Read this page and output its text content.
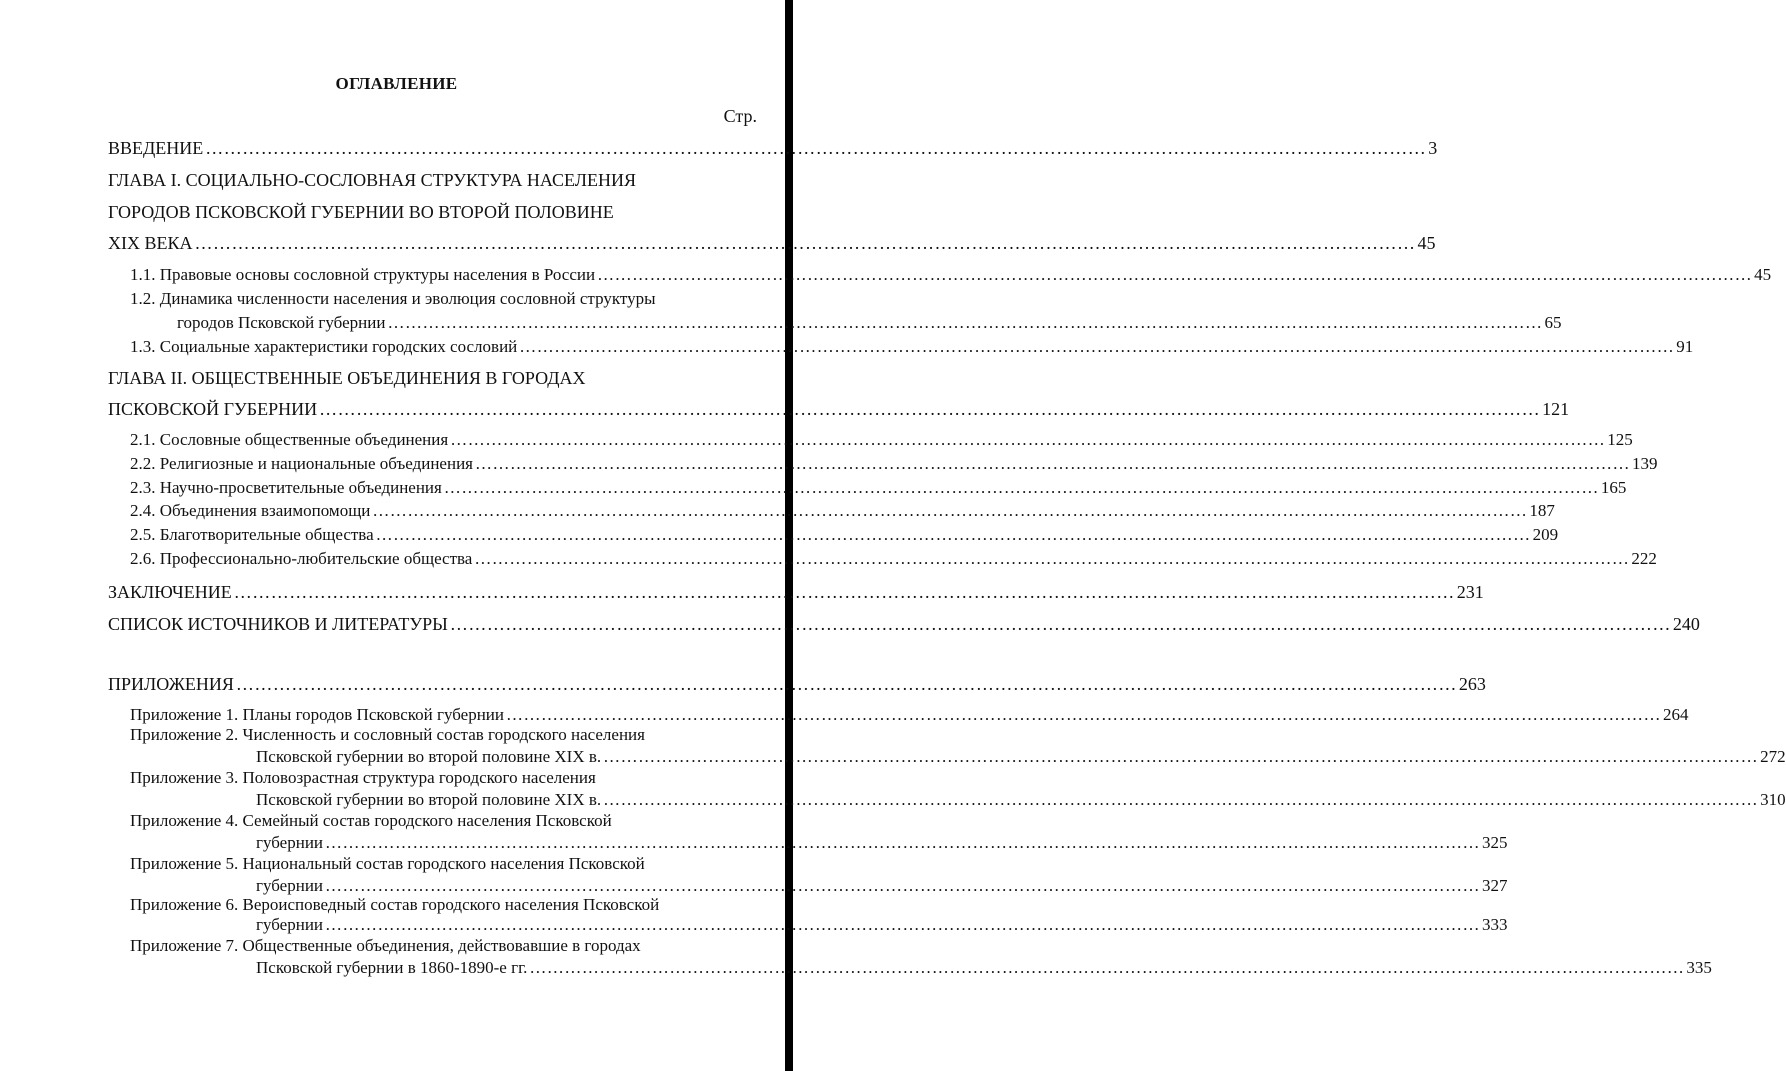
ОГЛАВЛЕНИЕ
Стр.
ВВЕДЕНИЕ ……………………………………………………………………………………………………………………………………………………………………………… 3
ГЛАВА I. СОЦИАЛЬНО-СОСЛОВНАЯ СТРУКТУРА НАСЕЛЕНИЯ
ГОРОДОВ ПСКОВСКОЙ ГУБЕРНИИ ВО ВТОРОЙ ПОЛОВИНЕ
XIX ВЕКА ……………………………………………………………………………………………………………………………………………………………………………… 45
1.1. Правовые основы сословной структуры населения в России ……………………………………………………………………………………………………………………………………………………………………………… 45
1.2. Динамика численности населения и эволюция сословной структуры
городов Псковской губернии ……………………………………………………………………………………………………………………………………………………………………………… 65
1.3. Социальные характеристики городских сословий ……………………………………………………………………………………………………………………………………………………………………………… 91
ГЛАВА II. ОБЩЕСТВЕННЫЕ ОБЪЕДИНЕНИЯ В ГОРОДАХ
ПСКОВСКОЙ ГУБЕРНИИ ……………………………………………………………………………………………………………………………………………………………………………… 121
2.1. Сословные общественные объединения ……………………………………………………………………………………………………………………………………………………………………………… 125
2.2. Религиозные и национальные объединения ……………………………………………………………………………………………………………………………………………………………………………… 139
2.3. Научно-просветительные объединения ……………………………………………………………………………………………………………………………………………………………………………… 165
2.4. Объединения взаимопомощи ……………………………………………………………………………………………………………………………………………………………………………… 187
2.5. Благотворительные общества ……………………………………………………………………………………………………………………………………………………………………………… 209
2.6. Профессионально-любительские общества ……………………………………………………………………………………………………………………………………………………………………………… 222
ЗАКЛЮЧЕНИЕ ……………………………………………………………………………………………………………………………………………………………………………… 231
СПИСОК ИСТОЧНИКОВ И ЛИТЕРАТУРЫ ……………………………………………………………………………………………………………………………………………………………………………… 240
ПРИЛОЖЕНИЯ ……………………………………………………………………………………………………………………………………………………………………………… 263
Приложение 1. Планы городов Псковской губернии ……………………………………………………………………………………………………………………………………………………………………………… 264
Приложение 2. Численность и сословный состав городского населения
Псковской губернии во второй половине XIX в. ……………………………………………………………………………………………………………………………………………………………………………… 272
Приложение 3. Половозрастная структура городского населения
Псковской губернии во второй половине XIX в. ……………………………………………………………………………………………………………………………………………………………………………… 310
Приложение 4. Семейный состав городского населения Псковской
губернии ……………………………………………………………………………………………………………………………………………………………………………… 325
Приложение 5. Национальный состав городского населения Псковской
губернии ……………………………………………………………………………………………………………………………………………………………………………… 327
Приложение 6. Вероисповедный состав городского населения Псковской
губернии ……………………………………………………………………………………………………………………………………………………………………………… 333
Приложение 7. Общественные объединения, действовавшие в городах
Псковской губернии в 1860-1890-е гг. ……………………………………………………………………………………………………………………………………………………………………………… 335
